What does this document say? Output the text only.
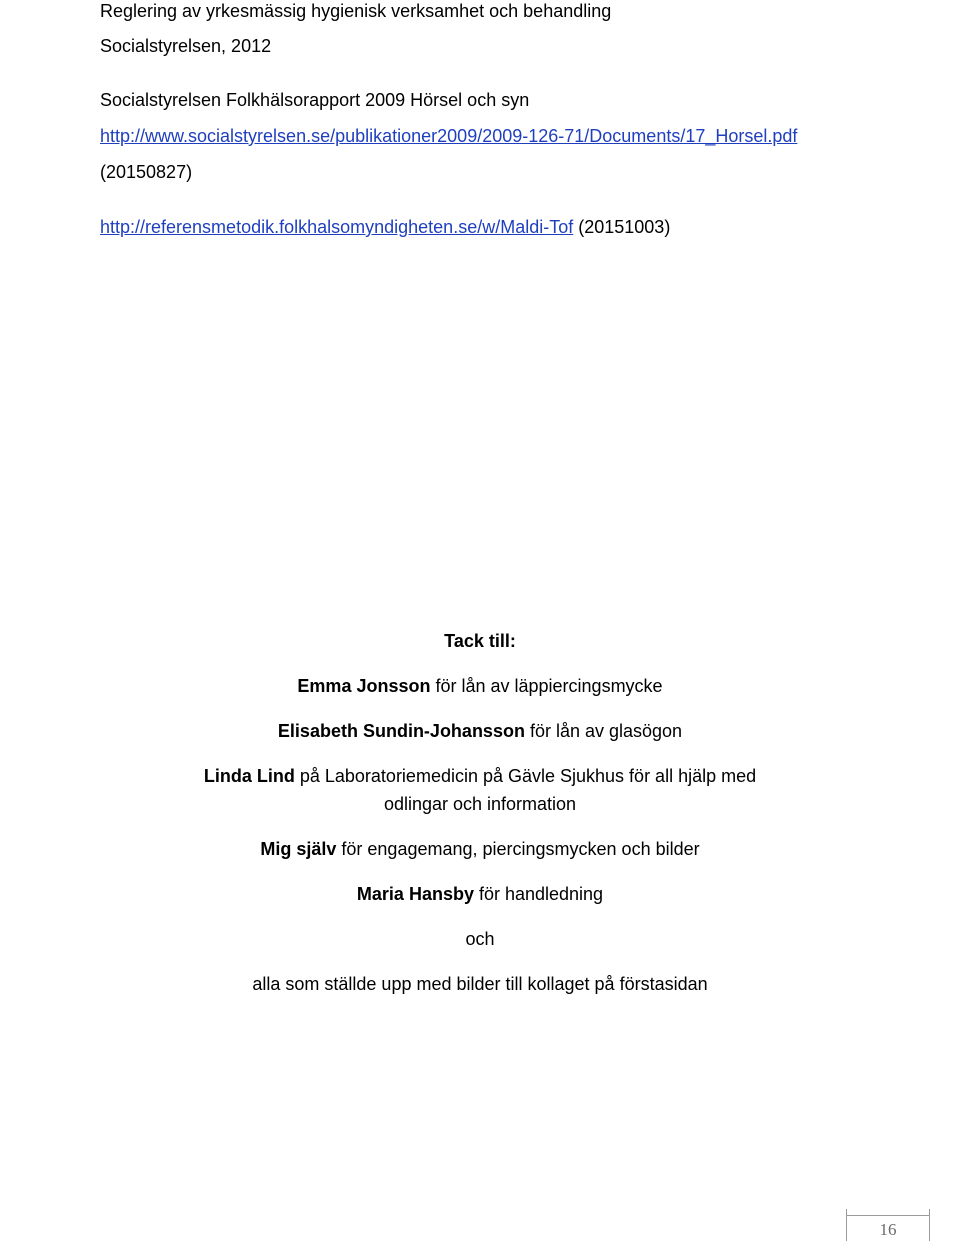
Reglering av yrkesmässig hygienisk verksamhet och behandling
Socialstyrelsen, 2012
Socialstyrelsen Folkhälsorapport 2009 Hörsel och syn
http://www.socialstyrelsen.se/publikationer2009/2009-126-71/Documents/17_Horsel.pdf
(20150827)
http://referensmetodik.folkhalsomyndigheten.se/w/Maldi-Tof (20151003)
Tack till:
Emma Jonsson för lån av läppiercingsmycke
Elisabeth Sundin-Johansson för lån av glasögon
Linda Lind på Laboratoriemedicin på Gävle Sjukhus för all hjälp med
odlingar och information
Mig själv för engagemang, piercingsmycken och bilder
Maria Hansby för handledning
och
alla som ställde upp med bilder till kollaget på förstasidan
16
